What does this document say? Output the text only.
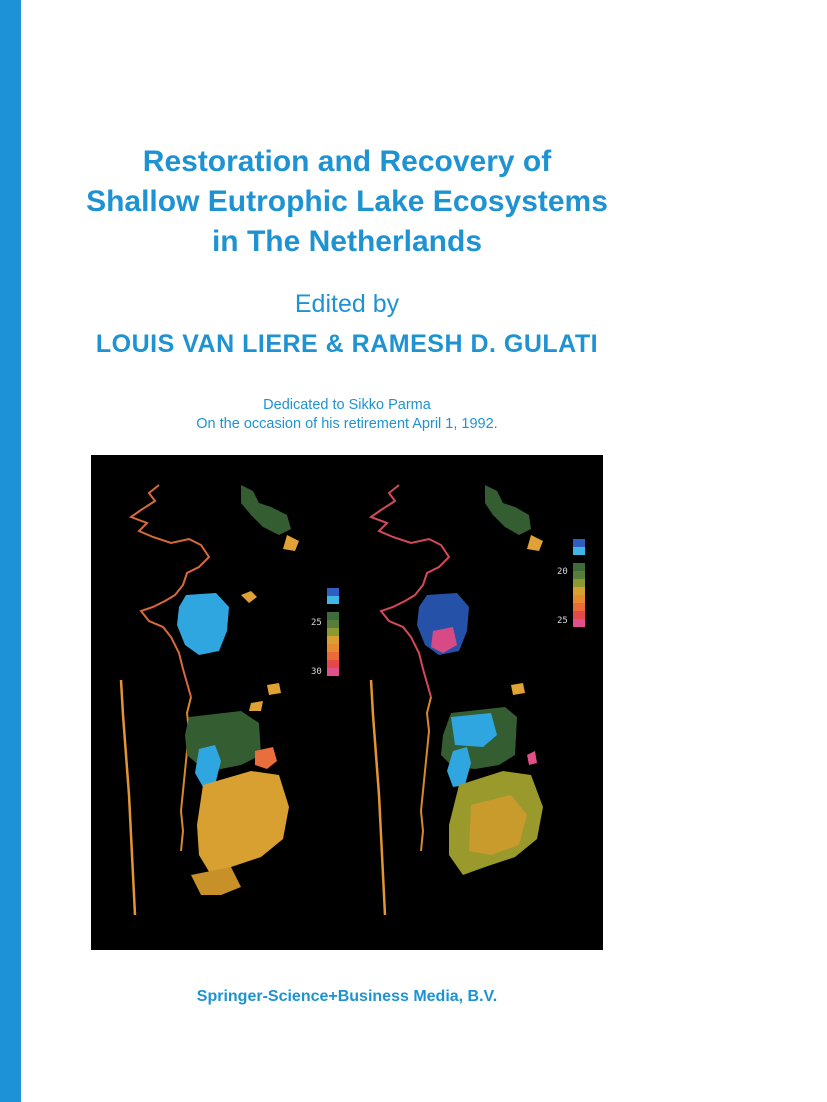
Restoration and Recovery of
Shallow Eutrophic Lake Ecosystems
in The Netherlands
Edited by
LOUIS VAN LIERE & RAMESH D. GULATI
Dedicated to Sikko Parma
On the occasion of his retirement April 1, 1992.
25
30
20
25
Springer-Science+Business Media, B.V.
